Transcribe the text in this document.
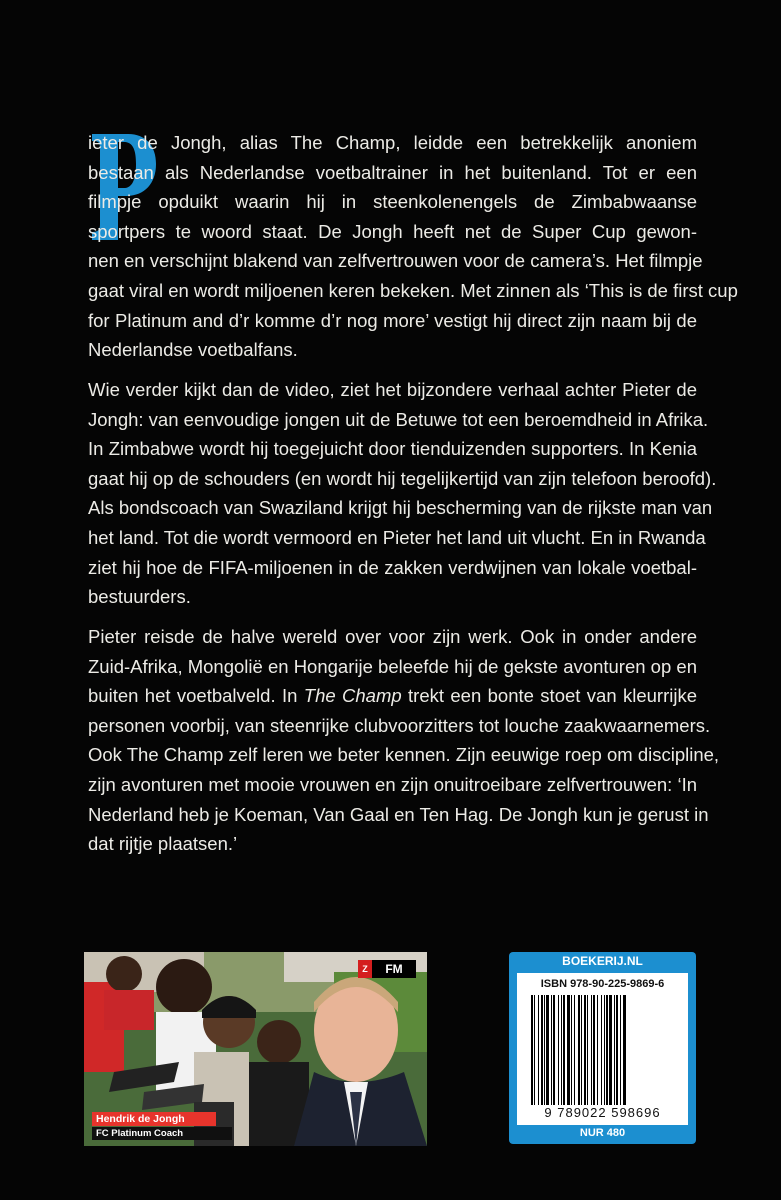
ieter de Jongh, alias The Champ, leidde een betrekkelijk anoniem
bestaan als Nederlandse voetbaltrainer in het buitenland. Tot er een
filmpje opduikt waarin hij in steenkolenengels de Zimbabwaanse
sportpers te woord staat. De Jongh heeft net de Super Cup gewon-
nen en verschijnt blakend van zelfvertrouwen voor de camera’s. Het filmpje
gaat viral en wordt miljoenen keren bekeken. Met zinnen als ‘This is de first cup
for Platinum and d’r komme d’r nog more’ vestigt hij direct zijn naam bij de
Nederlandse voetbalfans.
Wie verder kijkt dan de video, ziet het bijzondere verhaal achter Pieter de
Jongh: van eenvoudige jongen uit de Betuwe tot een beroemdheid in Afrika.
In Zimbabwe wordt hij toegejuicht door tienduizenden supporters. In Kenia
gaat hij op de schouders (en wordt hij tegelijkertijd van zijn telefoon beroofd).
Als bondscoach van Swaziland krijgt hij bescherming van de rijkste man van
het land. Tot die wordt vermoord en Pieter het land uit vlucht. En in Rwanda
ziet hij hoe de FIFA-miljoenen in de zakken verdwijnen van lokale voetbal-
bestuurders.
Pieter reisde de halve wereld over voor zijn werk. Ook in onder andere
Zuid-Afrika, Mongolië en Hongarije beleefde hij de gekste avonturen op en
buiten het voetbalveld. In The Champ trekt een bonte stoet van kleurrijke
personen voorbij, van steenrijke clubvoorzitters tot louche zaakwaarnemers.
Ook The Champ zelf leren we beter kennen. Zijn eeuwige roep om discipline,
zijn avonturen met mooie vrouwen en zijn onuitroeibare zelfvertrouwen: ‘In
Nederland heb je Koeman, Van Gaal en Ten Hag. De Jongh kun je gerust in
dat rijtje plaatsen.’
Z	FM
Hendrik de Jongh
FC Platinum Coach
BOEKERIJ.NL
ISBN 978-90-225-9869-6
9 789022 598696
NUR 480
